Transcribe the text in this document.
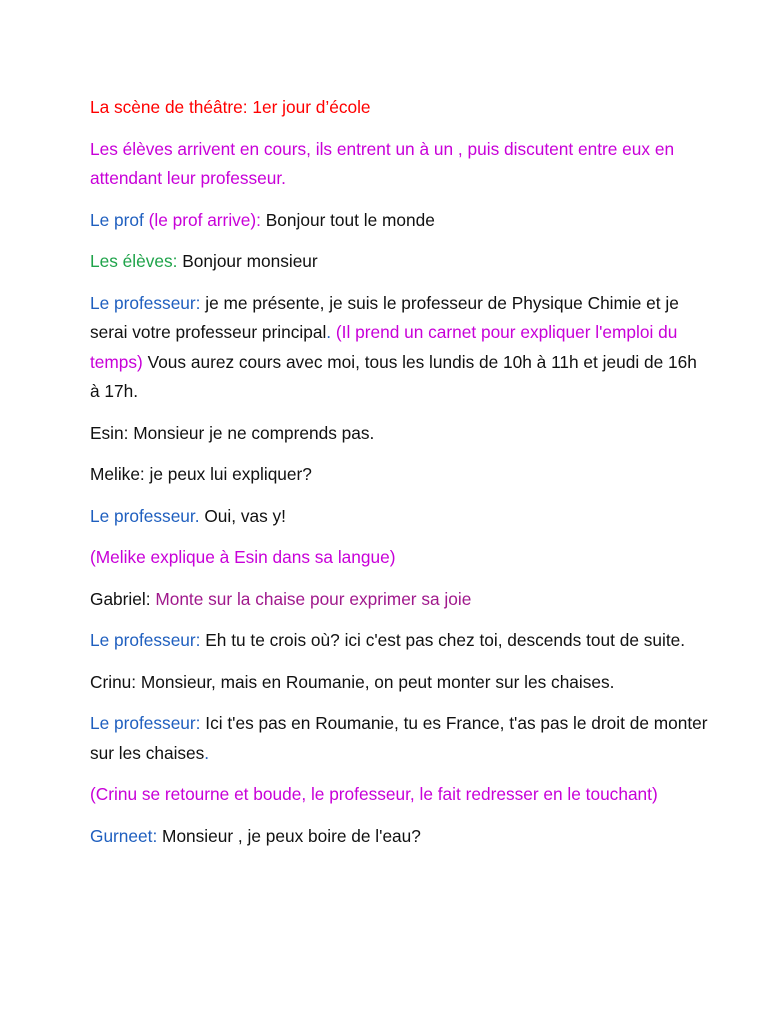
La scène de théâtre: 1er jour d’école

Les élèves arrivent en cours, ils entrent un à un , puis discutent entre eux en attendant leur professeur.

Le prof (le prof arrive): Bonjour tout le monde

Les élèves: Bonjour monsieur

Le professeur: je me présente, je suis le professeur de Physique Chimie et je serai votre professeur principal. (Il prend un carnet pour expliquer l'emploi du temps) Vous aurez cours avec moi, tous les lundis de 10h à 11h et jeudi de 16h à 17h.

Esin: Monsieur je ne comprends pas.

Melike: je peux lui expliquer?

Le professeur. Oui, vas y!

(Melike explique à Esin dans sa langue)

Gabriel: Monte sur la chaise pour exprimer sa joie

Le professeur: Eh tu te crois où? ici c'est pas chez toi, descends tout de suite.

Crinu: Monsieur, mais en Roumanie, on peut monter sur les chaises.

Le professeur: Ici t'es pas en Roumanie, tu es France, t'as pas le droit de monter sur les chaises.

(Crinu se retourne et boude, le professeur, le fait redresser en le touchant)

Gurneet: Monsieur , je peux boire de l'eau?
